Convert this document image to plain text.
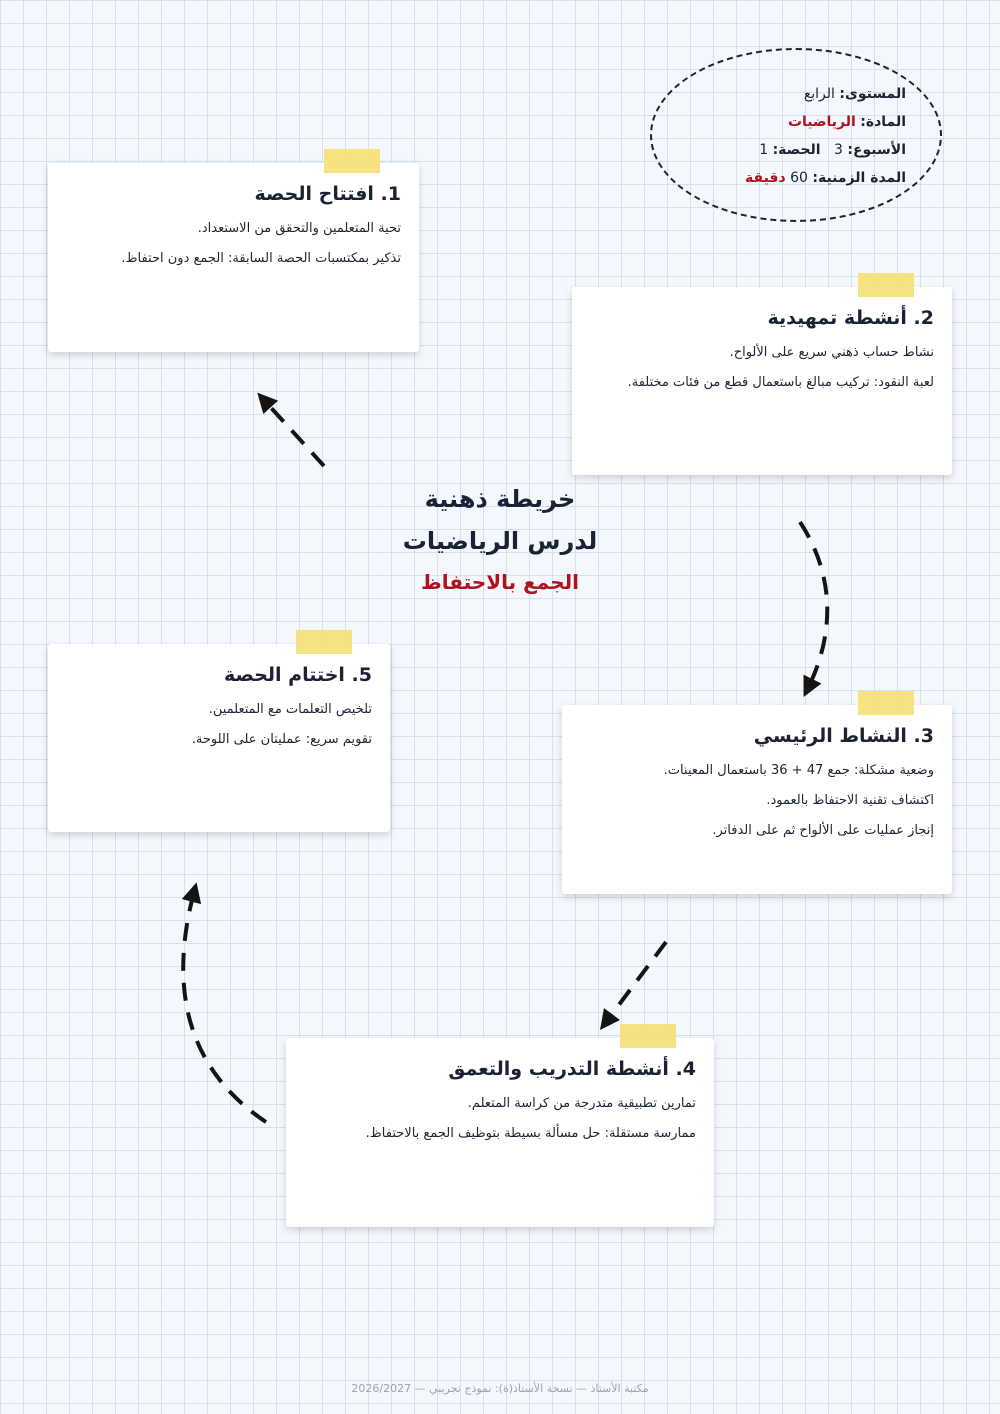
المستوى: الرابع
المادة: الرياضيات
الأسبوع: 3   الحصة: 1
المدة الزمنية: 60 دقيقة
1. افتتاح الحصة

تحية المتعلمين والتحقق من الاستعداد.

تذكير بمكتسبات الحصة السابقة: الجمع دون احتفاظ.

2. أنشطة تمهيدية

نشاط حساب ذهني سريع على الألواح.

لعبة النقود: تركيب مبالغ باستعمال قطع من فئات مختلفة.

3. النشاط الرئيسي

وضعية مشكلة: جمع 47 + 36 باستعمال المعينات.

اكتشاف تقنية الاحتفاظ بالعمود.

إنجاز عمليات على الألواح ثم على الدفاتر.

4. أنشطة التدريب والتعمق

تمارين تطبيقية متدرجة من كراسة المتعلم.

ممارسة مستقلة: حل مسألة بسيطة بتوظيف الجمع بالاحتفاظ.

5. اختتام الحصة

تلخيص التعلمات مع المتعلمين.

تقويم سريع: عمليتان على اللوحة.

خريطة ذهنية
لدرس الرياضيات
الجمع بالاحتفاظ
مكتبة الأستاذ — نسخة الأستاذ(ة): نموذج تجريبي — 2026/2027
